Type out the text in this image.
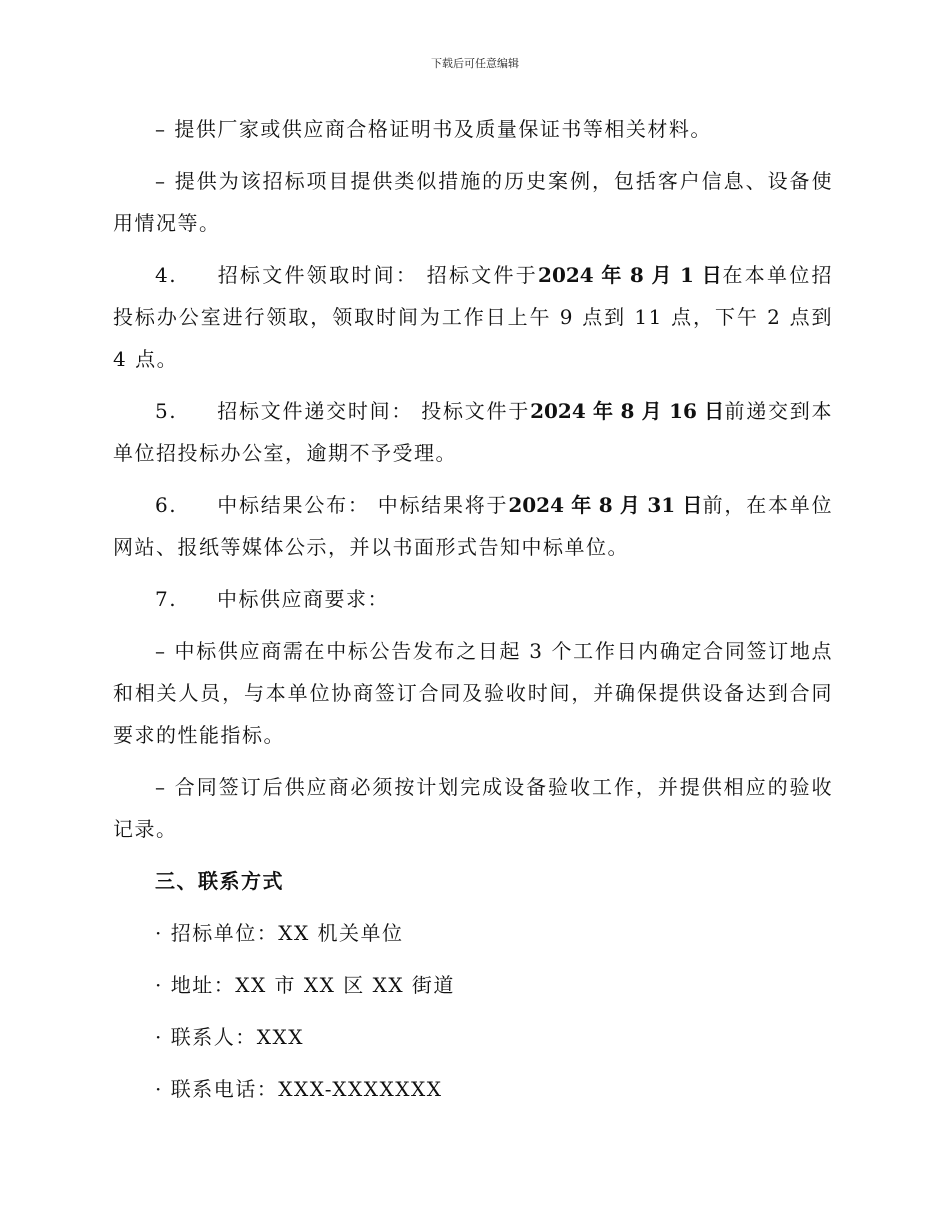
下载后可任意编辑

– 提供厂家或供应商合格证明书及质量保证书等相关材料。

– 提供为该招标项目提供类似措施的历史案例，包括客户信息、设备使用情况等。

4. 招标文件领取时间： 招标文件于2024 年 8 月 1 日在本单位招投标办公室进行领取，领取时间为工作日上午 9 点到 11 点，下午 2 点到 4 点。

5. 招标文件递交时间： 投标文件于2024 年 8 月 16 日前递交到本单位招投标办公室，逾期不予受理。

6. 中标结果公布： 中标结果将于2024 年 8 月 31 日前，在本单位网站、报纸等媒体公示，并以书面形式告知中标单位。

7. 中标供应商要求：

– 中标供应商需在中标公告发布之日起 3 个工作日内确定合同签订地点和相关人员，与本单位协商签订合同及验收时间，并确保提供设备达到合同要求的性能指标。

– 合同签订后供应商必须按计划完成设备验收工作，并提供相应的验收记录。

三、联系方式

· 招标单位：XX 机关单位

· 地址：XX 市 XX 区 XX 街道

· 联系人：XXX

· 联系电话：XXX-XXXXXXX
